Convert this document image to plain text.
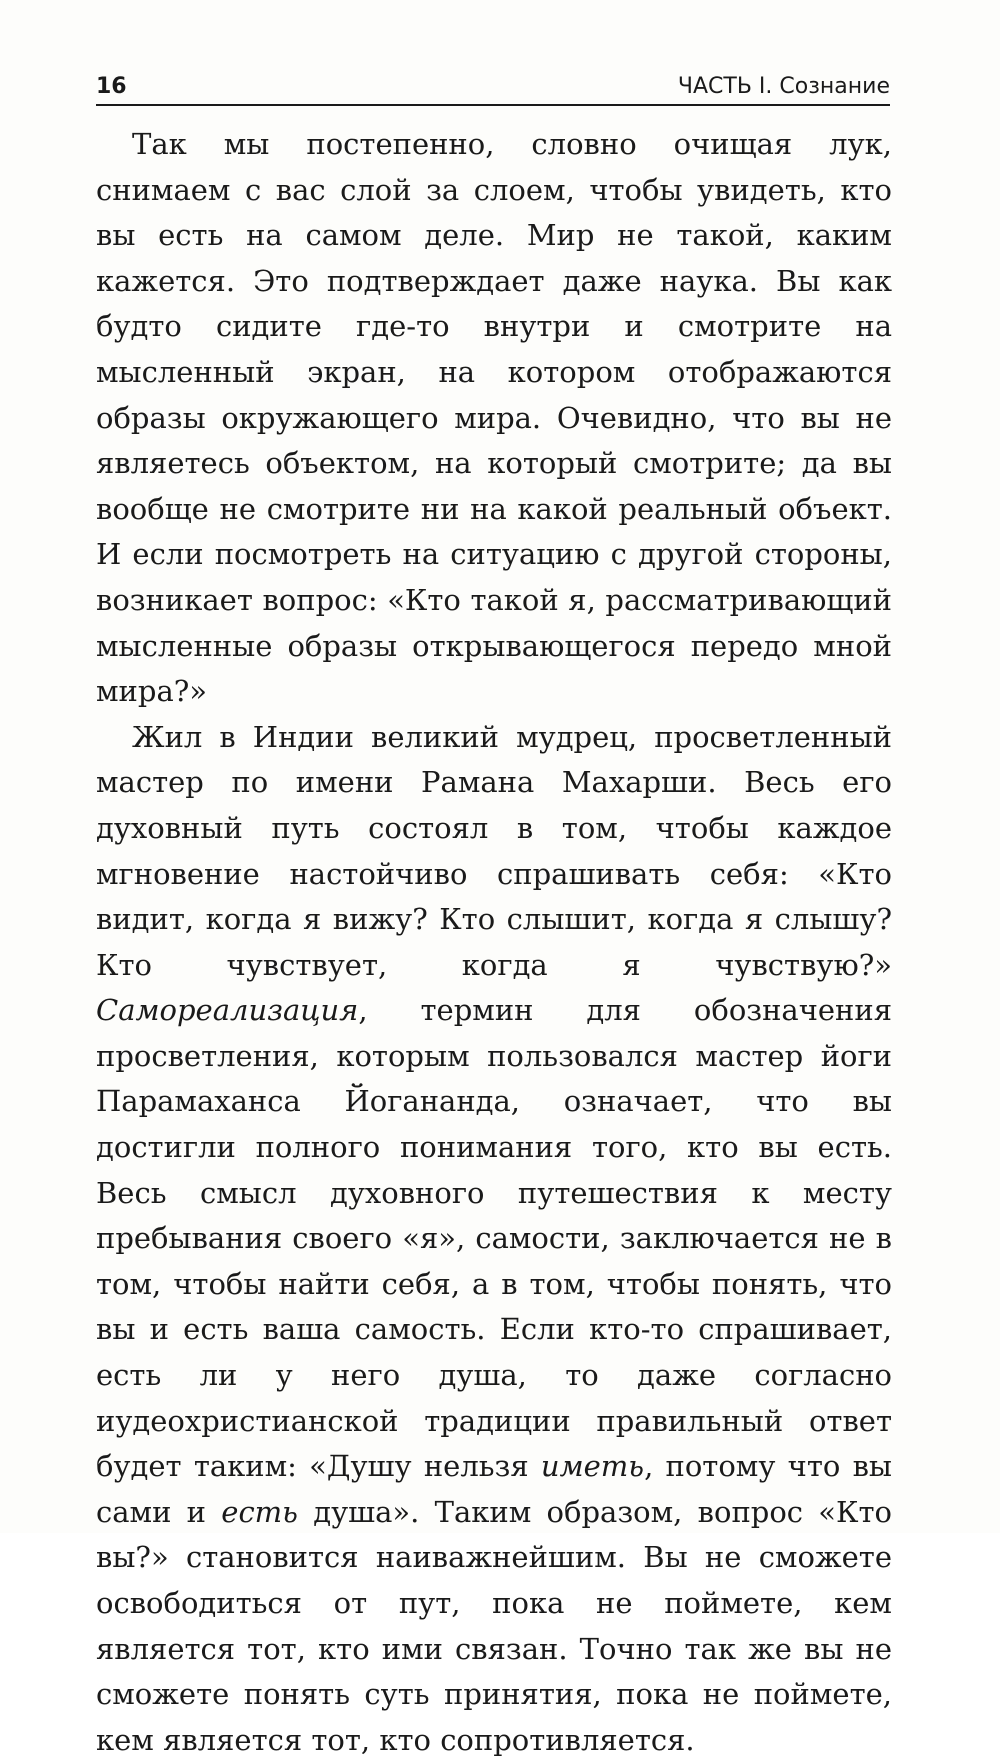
16	ЧАСТЬ I. Сознание

Так мы постепенно, словно очищая лук, снимаем с вас слой за слоем, чтобы увидеть, кто вы есть на самом деле. Мир не такой, каким кажется. Это подтверждает даже наука. Вы как будто сидите где-то внутри и смотрите на мысленный экран, на котором отображаются образы окружающего мира. Очевидно, что вы не являетесь объектом, на который смотрите; да вы вообще не смотрите ни на какой реальный объект. И если посмотреть на ситуацию с другой стороны, возникает вопрос: «Кто такой я, рассматривающий мысленные образы открывающегося передо мной мира?»

Жил в Индии великий мудрец, просветленный мастер по имени Рамана Махарши. Весь его духовный путь состоял в том, чтобы каждое мгновение настойчиво спрашивать себя: «Кто видит, когда я вижу? Кто слышит, когда я слышу? Кто чувствует, когда я чувствую?» Самореализация, термин для обозначения просветления, которым пользовался мастер йоги Парамаханса Йогананда, означает, что вы достигли полного понимания того, кто вы есть. Весь смысл духовного путешествия к месту пребывания своего «я», самости, заключается не в том, чтобы найти себя, а в том, чтобы понять, что вы и есть ваша самость. Если кто-то спрашивает, есть ли у него душа, то даже согласно иудеохристианской традиции правильный ответ будет таким: «Душу нельзя иметь, потому что вы сами и есть душа». Таким образом, вопрос «Кто вы?» становится наиважнейшим. Вы не сможете освободиться от пут, пока не поймете, кем является тот, кто ими связан. Точно так же вы не сможете понять суть принятия, пока не поймете, кем является тот, кто сопротивляется.
